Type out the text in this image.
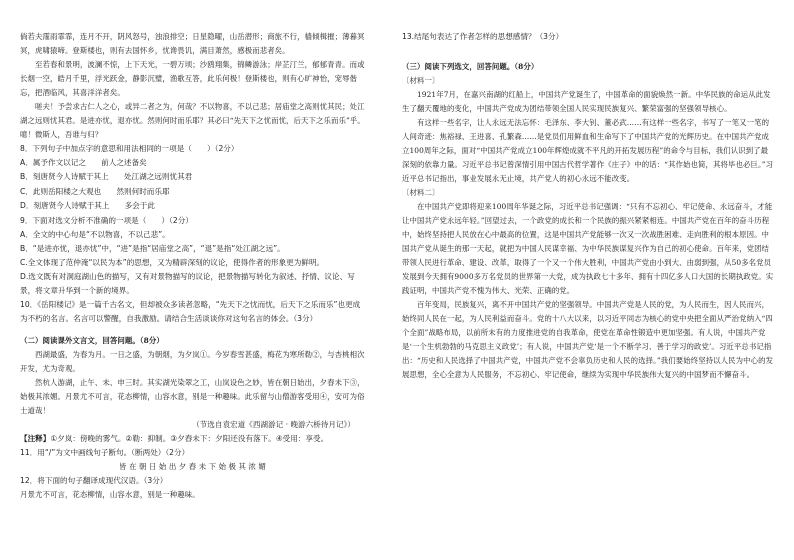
倘若夫霪雨霏霏，连月不开，阴风怒号，浊浪排空；日星隐曜，山岳潜形；商旅不行，樯倾楫摧；薄暮冥冥，虎啸猿啼。登斯楼也，则有去国怀乡，忧谗畏讥，满目萧然，感极而悲者矣。

至若春和景明，波澜不惊，上下天光，一碧万顷；沙鸥翔集，锦鳞游泳；岸芷汀兰，郁郁青青。而或长烟一空，皓月千里，浮光跃金，静影沉璧，渔歌互答，此乐何极！登斯楼也，则有心旷神怡，宠辱偕忘，把酒临风，其喜洋洋者矣。

嗟夫！予尝求古仁人之心，或异二者之为，何哉？不以物喜，不以己悲；居庙堂之高则忧其民；处江湖之远则忧其君。是进亦忧，退亦忧。然则何时而乐耶？其必曰“先天下之忧而忧，后天下之乐而乐”乎。噫！微斯人，吾谁与归？

8．下列句子中加点字的意思和用法相同的一项是（　　）（2分）

A．属予作文以记之　　 前人之述备矣
B．刻唐贤今人诗赋于其上　　 处江湖之远则忧其君
C．此则岳阳楼之大观也　　 然则何时而乐耶
D．刻唐贤今人诗赋于其上　　 多会于此

9．下面对选文分析不准确的一项是（　　）（2分）

A．全文的中心句是“不以物喜，不以己悲”。

B．“是进亦忧，退亦忧”中，“进”是指“居庙堂之高”，“退”是指“处江湖之远”。

C.全文体现了范仲淹“以民为本”的思想，又为精辟深刻的议论，使得作者的形象更为鲜明。

D.选文既有对洞庭湖山色的描写，又有对景物描写的议论，把景物描写转化为叙述、抒情、议论、写景，将文章升华到一个新的境界。

10．《岳阳楼记》是一篇千古名文，但却被众多读者忽略，“先天下之忧而忧，后天下之乐而乐”也更成为不朽的名言。名言可以警醒，自我激励。请结合生活谈谈你对这句名言的体会。（3分）

（二）阅读课外文言文，回答问题。（8分）

西湖最盛，为春为月。一日之盛，为朝烟，为夕岚①。今岁春雪甚盛，梅花为寒所勒②，与杏桃相次开发，尤为奇观。

然杭人游湖，止午、未、申三时。其实湖光染翠之工，山岚设色之妙，皆在朝日始出，夕舂未下③，始极其浓媚。月景尤不可言，花态柳情，山容水意，别是一种趣味。此乐留与山僧游客受用④，安可为俗士道哉！

（节选自袁宏道《西湖游记 · 晚游六桥待月记》）

【注释】①夕岚：傍晚的雾气。②勒：抑制。③夕舂未下：夕阳还没有落下。④受用：享受。

11．用“/”为文中画线句子断句。（断两处）（2分）

皆 在 朝 日 始 出 夕 舂 未 下 始 极 其 浓 媚

12．将下面的句子翻译成现代汉语。（3分）

月景尤不可言，花态柳情，山容水意，别是一种趣味。

13.结尾句表达了作者怎样的思想感情？（3分）

（三）阅读下列选文，回答问题。（8分）

〔材料一〕

1921年7月，在嘉兴南湖的红船上，中国共产党诞生了，中国革命的面貌焕然一新。中华民族的命运从此发生了翻天覆地的变化，中国共产党成为团结带领全国人民实现民族复兴、繁荣富强的坚强领导核心。

有这样一些名字，让人永远无法忘怀：毛泽东、李大钊、董必武……有这样一些名字，书写了一笔又一笔的人间奇迹：焦裕禄、王进喜、孔繁森……是党员们用鲜血和生命写下了中国共产党的光辉历史。在中国共产党成立100周年之际，面对“中国共产党成立100年辉煌成就不平凡的开拓发展历程”的命令与目标，我们认识到了最深刻的依靠力量。习近平总书记曾深情引用中国古代哲学著作《庄子》中的话：“其作始也简，其将毕也必巨。”习近平总书记指出，事业发展永无止境，共产党人的初心永远不能改变。

〔材料二〕

在中国共产党即将迎来100周年华诞之际，习近平总书记强调：“只有不忘初心、牢记使命、永远奋斗，才能让中国共产党永远年轻。”回望过去，一个政党的成长和一个民族的振兴紧紧相连。中国共产党在百年的奋斗历程中，始终坚持把人民放在心中最高的位置，这是中国共产党能够一次又一次战胜困难、走向胜利的根本原因。中国共产党从诞生的那一天起，就把为中国人民谋幸福、为中华民族谋复兴作为自己的初心使命。百年来，党团结带领人民进行革命、建设、改革，取得了一个又一个伟大胜利，中国共产党由小到大、由弱到强，从50多名党员发展到今天拥有9000多万名党员的世界第一大党，成为执政七十多年、拥有十四亿多人口大国的长期执政党。实践证明，中国共产党不愧为伟大、光荣、正确的党。

百年变局，民族复兴，离不开中国共产党的坚强领导。中国共产党是人民的党，为人民而生，因人民而兴，始终同人民在一起，为人民利益而奋斗。党的十八大以来，以习近平同志为核心的党中央把全面从严治党纳入“四个全面”战略布局，以前所未有的力度推进党的自我革命，使党在革命性锻造中更加坚强。有人说，中国共产党是‘一个生机勃勃的马克思主义政党’；有人说，中国共产党‘是一个不断学习、善于学习的政党’。习近平总书记指出：“历史和人民选择了中国共产党，中国共产党不会辜负历史和人民的选择。”我们要始终坚持以人民为中心的发展思想，全心全意为人民服务，不忘初心、牢记使命，继续为实现中华民族伟大复兴的中国梦而不懈奋斗。
